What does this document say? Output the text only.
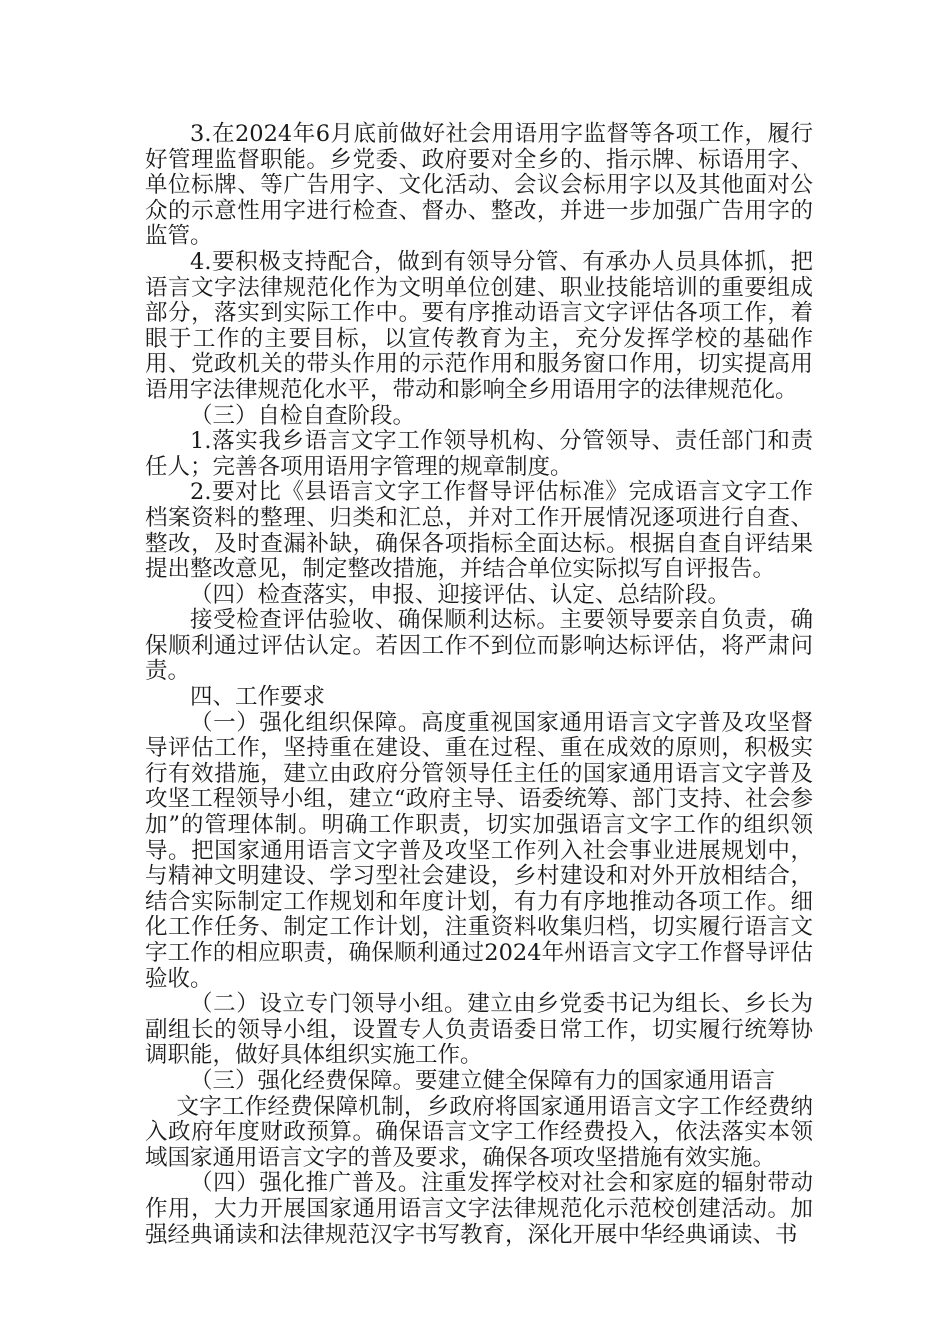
3.在2024年6月底前做好社会用语用字监督等各项工作，履行好管理监督职能。乡党委、政府要对全乡的、指示牌、标语用字、单位标牌、等广告用字、文化活动、会议会标用字以及其他面对公众的示意性用字进行检查、督办、整改，并进一步加强广告用字的监管。

4.要积极支持配合，做到有领导分管、有承办人员具体抓，把语言文字法律规范化作为文明单位创建、职业技能培训的重要组成部分，落实到实际工作中。要有序推动语言文字评估各项工作，着眼于工作的主要目标，以宣传教育为主，充分发挥学校的基础作用、党政机关的带头作用的示范作用和服务窗口作用，切实提高用语用字法律规范化水平，带动和影响全乡用语用字的法律规范化。

（三）自检自查阶段。

1.落实我乡语言文字工作领导机构、分管领导、责任部门和责任人；完善各项用语用字管理的规章制度。

2.要对比《县语言文字工作督导评估标准》完成语言文字工作档案资料的整理、归类和汇总，并对工作开展情况逐项进行自查、整改，及时查漏补缺，确保各项指标全面达标。根据自查自评结果提出整改意见，制定整改措施，并结合单位实际拟写自评报告。

（四）检查落实，申报、迎接评估、认定、总结阶段。

接受检查评估验收、确保顺利达标。主要领导要亲自负责，确保顺利通过评估认定。若因工作不到位而影响达标评估，将严肃问责。

四、工作要求

（一）强化组织保障。高度重视国家通用语言文字普及攻坚督导评估工作，坚持重在建设、重在过程、重在成效的原则，积极实行有效措施，建立由政府分管领导任主任的国家通用语言文字普及攻坚工程领导小组，建立“政府主导、语委统筹、部门支持、社会参加”的管理体制。明确工作职责，切实加强语言文字工作的组织领导。把国家通用语言文字普及攻坚工作列入社会事业进展规划中，与精神文明建设、学习型社会建设，乡村建设和对外开放相结合，结合实际制定工作规划和年度计划，有力有序地推动各项工作。细化工作任务、制定工作计划，注重资料收集归档，切实履行语言文字工作的相应职责，确保顺利通过2024年州语言文字工作督导评估验收。

（二）设立专门领导小组。建立由乡党委书记为组长、乡长为副组长的领导小组，设置专人负责语委日常工作，切实履行统筹协调职能，做好具体组织实施工作。

（三）强化经费保障。要建立健全保障有力的国家通用语言

文字工作经费保障机制，乡政府将国家通用语言文字工作经费纳入政府年度财政预算。确保语言文字工作经费投入，依法落实本领域国家通用语言文字的普及要求，确保各项攻坚措施有效实施。

（四）强化推广普及。注重发挥学校对社会和家庭的辐射带动作用，大力开展国家通用语言文字法律规范化示范校创建活动。加强经典诵读和法律规范汉字书写教育，深化开展中华经典诵读、书
